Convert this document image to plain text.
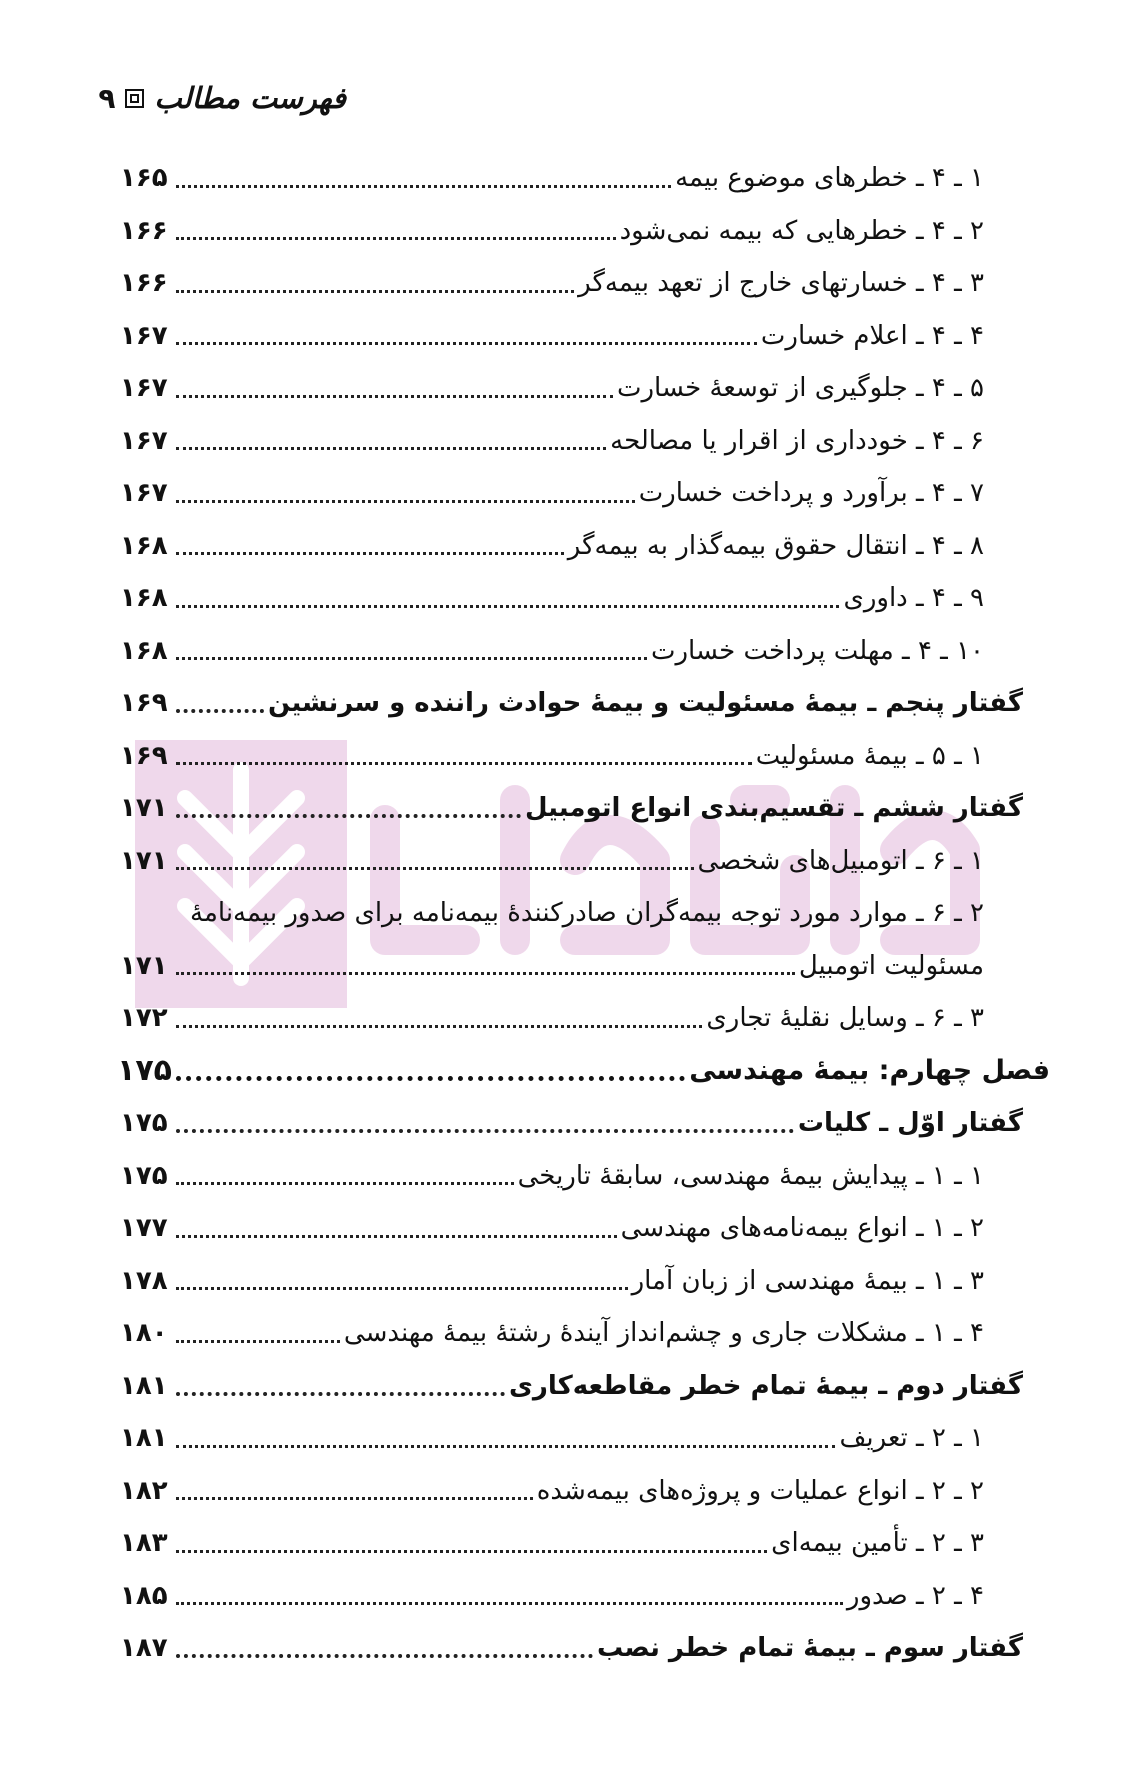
فهرست مطالب
۹
۱ ـ ۴ ـ خطرهای موضوع بیمه
۱۶۵
۲ ـ ۴ ـ خطرهایی که بیمه نمی‌شود
۱۶۶
۳ ـ ۴ ـ خسارتهای خارج از تعهد بیمه‌گر
۱۶۶
۴ ـ ۴ ـ اعلام خسارت
۱۶۷
۵ ـ ۴ ـ جلوگیری از توسعهٔ خسارت
۱۶۷
۶ ـ ۴ ـ خودداری از اقرار یا مصالحه
۱۶۷
۷ ـ ۴ ـ برآورد و پرداخت خسارت
۱۶۷
۸ ـ ۴ ـ انتقال حقوق بیمه‌گذار به بیمه‌گر
۱۶۸
۹ ـ ۴ ـ داوری
۱۶۸
۱۰ ـ ۴ ـ مهلت پرداخت خسارت
۱۶۸
گفتار پنجم ـ بیمهٔ مسئولیت و بیمهٔ حوادث راننده و سرنشین
۱۶۹
۱ ـ ۵ ـ بیمهٔ مسئولیت
۱۶۹
گفتار ششم ـ تقسیم‌بندی انواع اتومبیل
۱۷۱
۱ ـ ۶ ـ اتومبیل‌های شخصی
۱۷۱
۲ ـ ۶ ـ موارد مورد توجه بیمه‌گران صادرکنندهٔ بیمه‌نامه برای صدور بیمه‌نامهٔ
مسئولیت اتومبیل
۱۷۱
۳ ـ ۶ ـ وسایل نقلیهٔ تجاری
۱۷۲
فصل چهارم: بیمهٔ مهندسی
۱۷۵
گفتار اوّل ـ کلیات
۱۷۵
۱ ـ ۱ ـ پیدایش بیمهٔ مهندسی، سابقهٔ تاریخی
۱۷۵
۲ ـ ۱ ـ انواع بیمه‌نامه‌های مهندسی
۱۷۷
۳ ـ ۱ ـ بیمهٔ مهندسی از زبان آمار
۱۷۸
۴ ـ ۱ ـ مشکلات جاری و چشم‌انداز آیندهٔ رشتهٔ بیمهٔ مهندسی
۱۸۰
گفتار دوم ـ بیمهٔ تمام خطر مقاطعه‌کاری
۱۸۱
۱ ـ ۲ ـ تعریف
۱۸۱
۲ ـ ۲ ـ انواع عملیات و پروژه‌های بیمه‌شده
۱۸۲
۳ ـ ۲ ـ تأمین بیمه‌ای
۱۸۳
۴ ـ ۲ ـ صدور
۱۸۵
گفتار سوم ـ بیمهٔ تمام خطر نصب
۱۸۷
